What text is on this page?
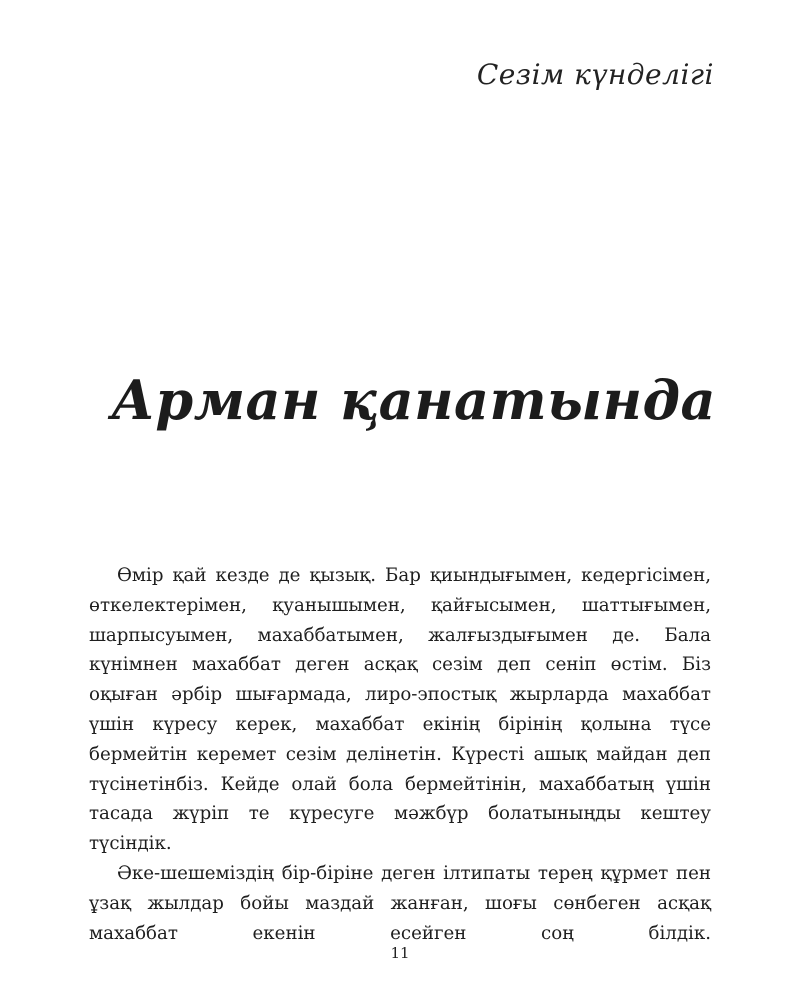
Сезім күнделігі
Арман қанатында

Өмір қай кезде де қызық. Бар қиындығымен, кедергісімен, өткелектерімен, қуанышымен, қайғысымен, шаттығымен, шарпысуымен, махаббатымен, жалғыздығымен де. Бала күнімнен махаббат деген асқақ сезім деп сеніп өстім. Біз оқыған әрбір шығармада, лиро-эпостық жырларда махаббат үшін күресу керек, махаббат екінің бірінің қолына түсе бермейтін керемет сезім делінетін. Күресті ашық майдан деп түсінетінбіз. Кейде олай бола бермейтінін, махаббатың үшін тасада жүріп те күресуге мәжбүр болатыныңды кештеу түсіндік.

Әке-шешеміздің бір-біріне деген ілтипаты терең құрмет пен ұзақ жылдар бойы маздай жанған, шоғы сөнбеген асқақ махаббат екенін есейген соң білдік.

11
